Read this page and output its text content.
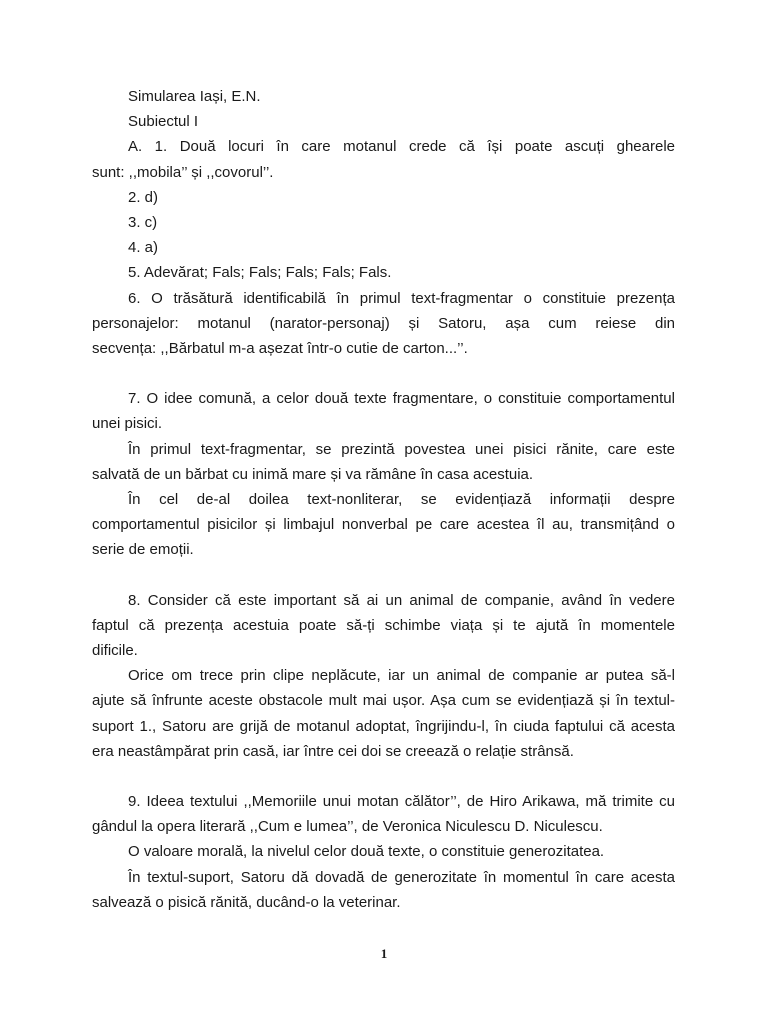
Simularea Iași, E.N.

Subiectul I

A. 1. Două locuri în care motanul crede că își poate ascuți ghearele

sunt: ,,mobila’’ și ,,covorul’’.

2. d)

3. c)

4. a)

5. Adevărat; Fals; Fals; Fals; Fals; Fals.

6. O trăsătură identificabilă în primul text-fragmentar o constituie prezența

personajelor: motanul (narator-personaj) și Satoru, așa cum reiese din

secvența: ,,Bărbatul m-a așezat într-o cutie de carton...’’.

7. O idee comună, a celor două texte fragmentare, o constituie comportamentul

unei pisici.

În primul text-fragmentar, se prezintă povestea unei pisici rănite, care este

salvată de un bărbat cu inimă mare și va rămâne în casa acestuia.

În cel de-al doilea text-nonliterar, se evidențiază informații despre

comportamentul pisicilor și limbajul nonverbal pe care acestea îl au, transmițând o

serie de emoții.

8. Consider că este important să ai un animal de companie, având în vedere

faptul că prezența acestuia poate să-ți schimbe viața și te ajută în momentele

dificile.

Orice om trece prin clipe neplăcute, iar un animal de companie ar putea să-l

ajute să înfrunte aceste obstacole mult mai ușor. Așa cum se evidențiază și în textul-

suport 1., Satoru are grijă de motanul adoptat, îngrijindu-l, în ciuda faptului că acesta

era neastâmpărat prin casă, iar între cei doi se creează o relație strânsă.

9. Ideea textului ,,Memoriile unui motan călător’’, de Hiro Arikawa, mă trimite cu

gândul la opera literară ,,Cum e lumea’’, de Veronica Niculescu D. Niculescu.

O valoare morală, la nivelul celor două texte, o constituie generozitatea.

În textul-suport, Satoru dă dovadă de generozitate în momentul în care acesta

salvează o pisică rănită, ducând-o la veterinar.

1
